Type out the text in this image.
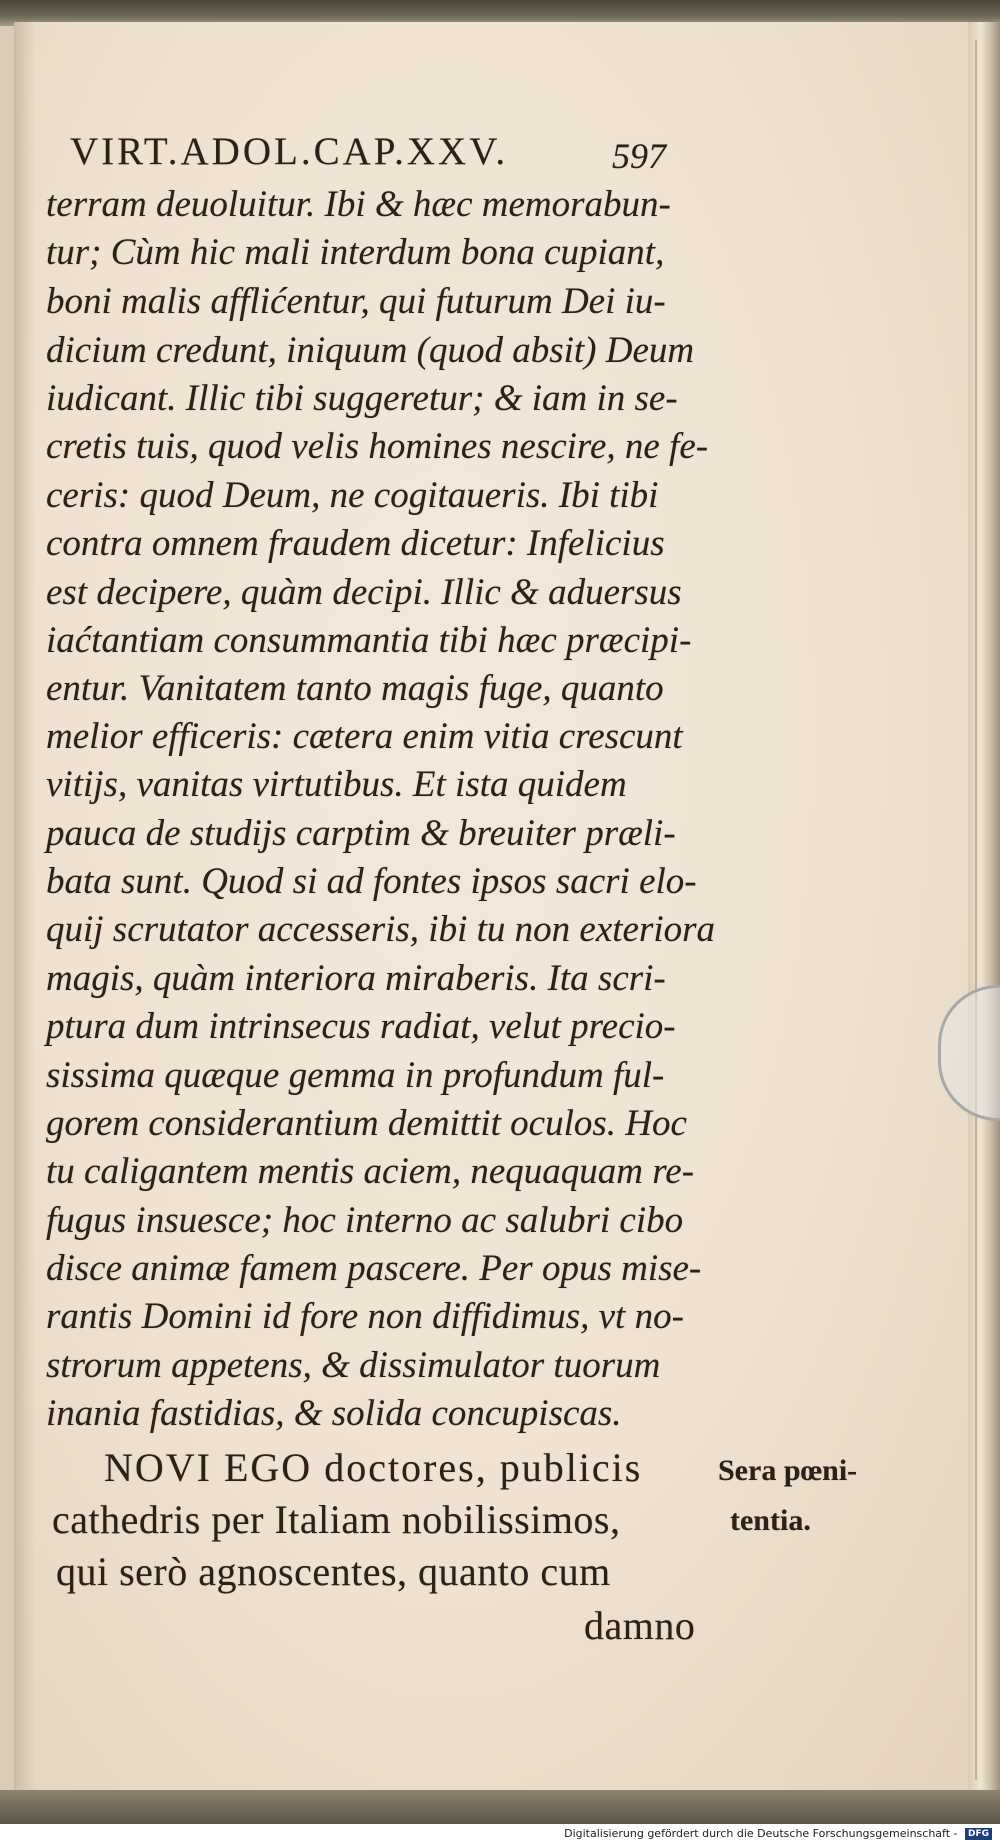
VIRT.ADOL.CAP.XXV.	597
terram deuoluitur. Ibi & hæc memorabun-
tur; Cùm hic mali interdum bona cupiant,
boni malis afflićentur, qui futurum Dei iu-
dicium credunt, iniquum (quod absit) Deum
iudicant. Illic tibi suggeretur; & iam in se-
cretis tuis, quod velis homines nescire, ne fe-
ceris: quod Deum, ne cogitaueris. Ibi tibi
contra omnem fraudem dicetur: Infelicius
est decipere, quàm decipi. Illic & aduersus
iaćtantiam consummantia tibi hæc præcipi-
entur. Vanitatem tanto magis fuge, quanto
melior efficeris: cætera enim vitia crescunt
vitijs, vanitas virtutibus. Et ista quidem
pauca de studijs carptim & breuiter præli-
bata sunt. Quod si ad fontes ipsos sacri elo-
quij scrutator accesseris, ibi tu non exteriora
magis, quàm interiora miraberis. Ita scri-
ptura dum intrinsecus radiat, velut precio-
sissima quæque gemma in profundum ful-
gorem considerantium demittit oculos. Hoc
tu caligantem mentis aciem, nequaquam re-
fugus insuesce; hoc interno ac salubri cibo
disce animæ famem pascere. Per opus mise-
rantis Domini id fore non diffidimus, vt no-
strorum appetens, & dissimulator tuorum
inania fastidias, & solida concupiscas.
NOVI EGO doctores, publicis
cathedris per Italiam nobilissimos,
qui serò agnoscentes, quanto cum
damno
Sera pœni-
tentia.
Digitalisierung gefördert durch die Deutsche Forschungsgemeinschaft - DFG
